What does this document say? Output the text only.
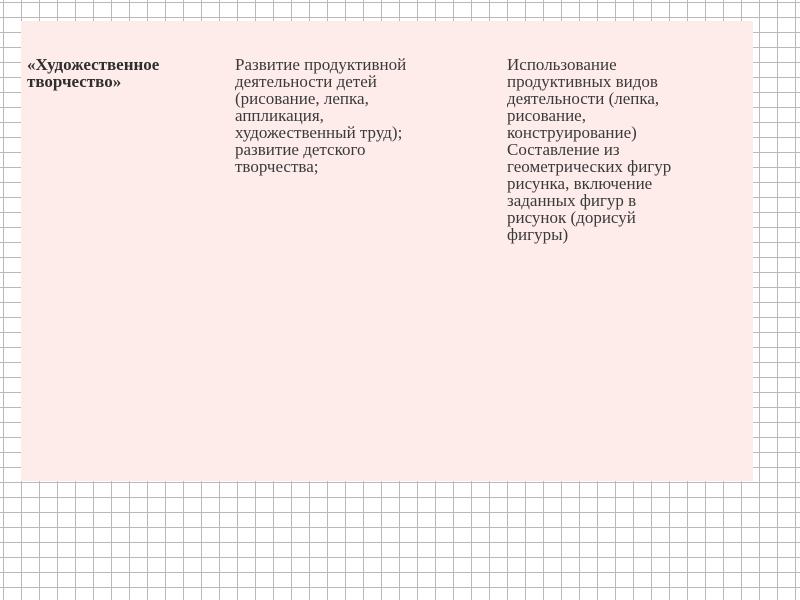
«Художественное
творчество»
Развитие продуктивной
деятельности детей
(рисование, лепка,
аппликация,
художественный труд);
развитие детского
творчества;
Использование
продуктивных видов
деятельности (лепка,
рисование,
конструирование)
Составление из
геометрических фигур
рисунка, включение
заданных фигур в
рисунок (дорисуй
фигуры)
